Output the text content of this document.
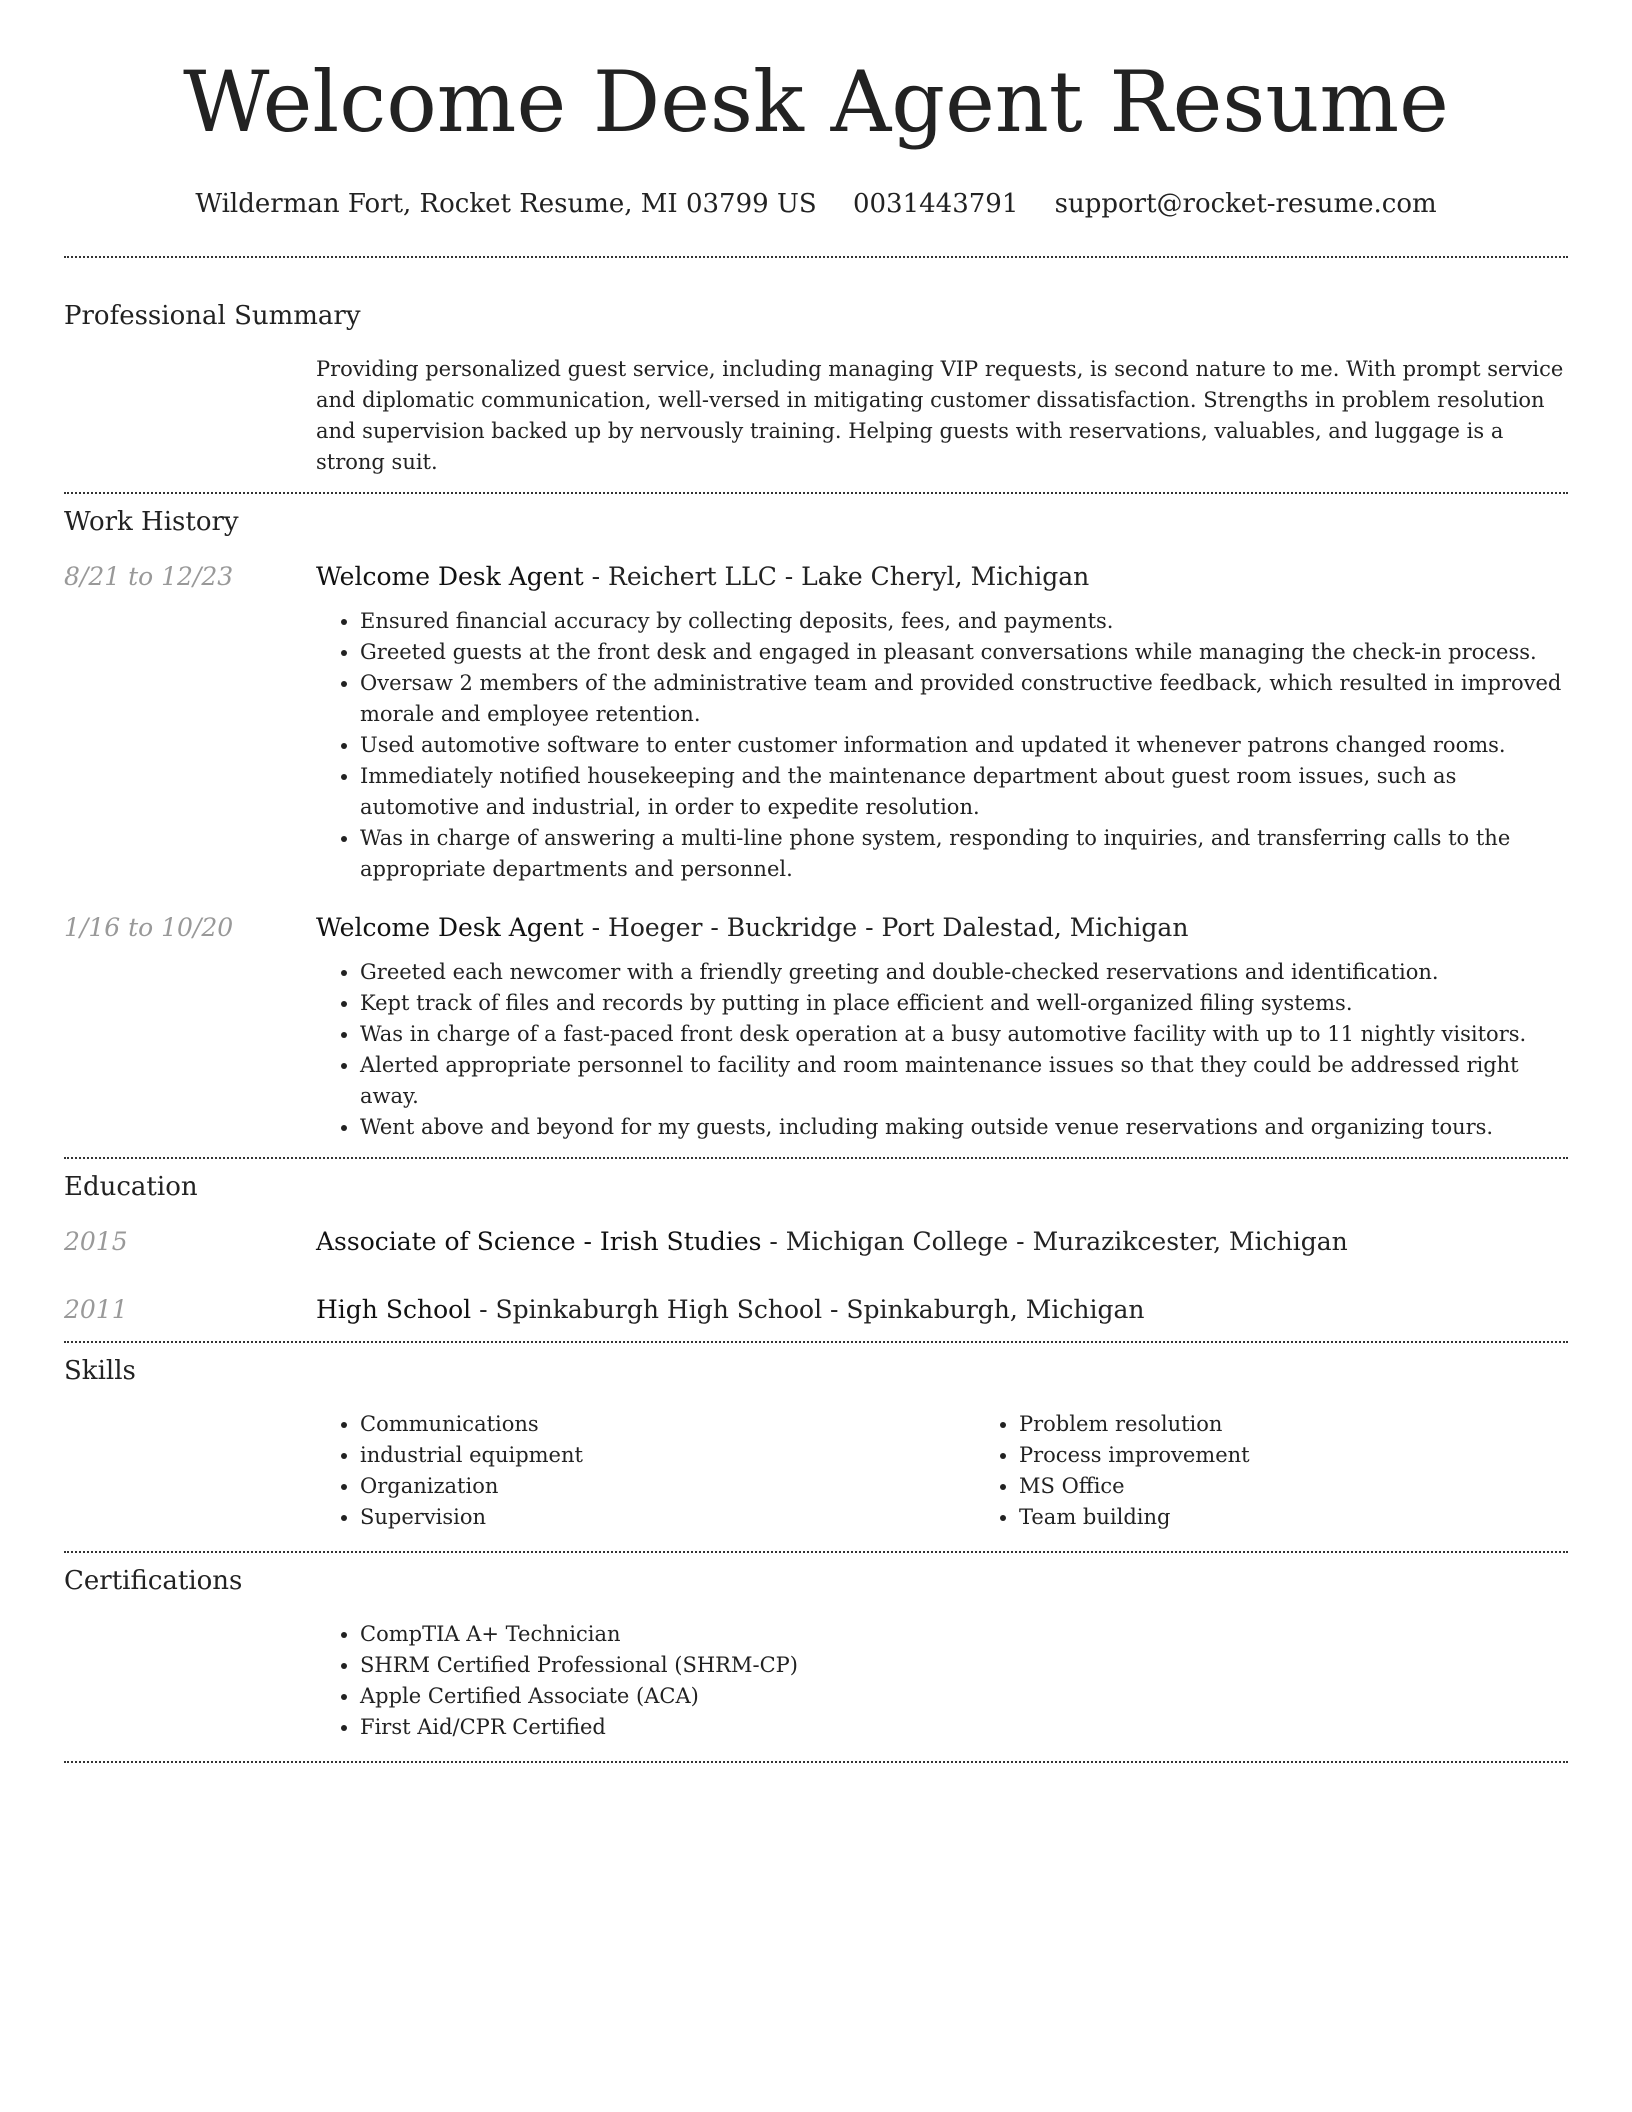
Welcome Desk Agent Resume
Wilderman Fort, Rocket Resume, MI 03799 US 0031443791 support@rocket-resume.com
Professional Summary

Providing personalized guest service, including managing VIP requests, is second nature to me. With prompt service and diplomatic communication, well-versed in mitigating customer dissatisfaction. Strengths in problem resolution and supervision backed up by nervously training. Helping guests with reservations, valuables, and luggage is a strong suit.

Work History
8/21 to 12/23	Welcome Desk Agent - Reichert LLC - Lake Cheryl, Michigan
• Ensured financial accuracy by collecting deposits, fees, and payments.
• Greeted guests at the front desk and engaged in pleasant conversations while managing the check-in process.
• Oversaw 2 members of the administrative team and provided constructive feedback, which resulted in improved morale and employee retention.
• Used automotive software to enter customer information and updated it whenever patrons changed rooms.
• Immediately notified housekeeping and the maintenance department about guest room issues, such as automotive and industrial, in order to expedite resolution.
• Was in charge of answering a multi-line phone system, responding to inquiries, and transferring calls to the appropriate departments and personnel.
1/16 to 10/20	Welcome Desk Agent - Hoeger - Buckridge - Port Dalestad, Michigan
• Greeted each newcomer with a friendly greeting and double-checked reservations and identification.
• Kept track of files and records by putting in place efficient and well-organized filing systems.
• Was in charge of a fast-paced front desk operation at a busy automotive facility with up to 11 nightly visitors.
• Alerted appropriate personnel to facility and room maintenance issues so that they could be addressed right away.
• Went above and beyond for my guests, including making outside venue reservations and organizing tours.
Education
2015	Associate of Science - Irish Studies - Michigan College - Murazikcester, Michigan
2011	High School - Spinkaburgh High School - Spinkaburgh, Michigan
Skills
• Communications
• industrial equipment
• Organization
• Supervision
• Problem resolution
• Process improvement
• MS Office
• Team building
Certifications
• CompTIA A+ Technician
• SHRM Certified Professional (SHRM-CP)
• Apple Certified Associate (ACA)
• First Aid/CPR Certified
